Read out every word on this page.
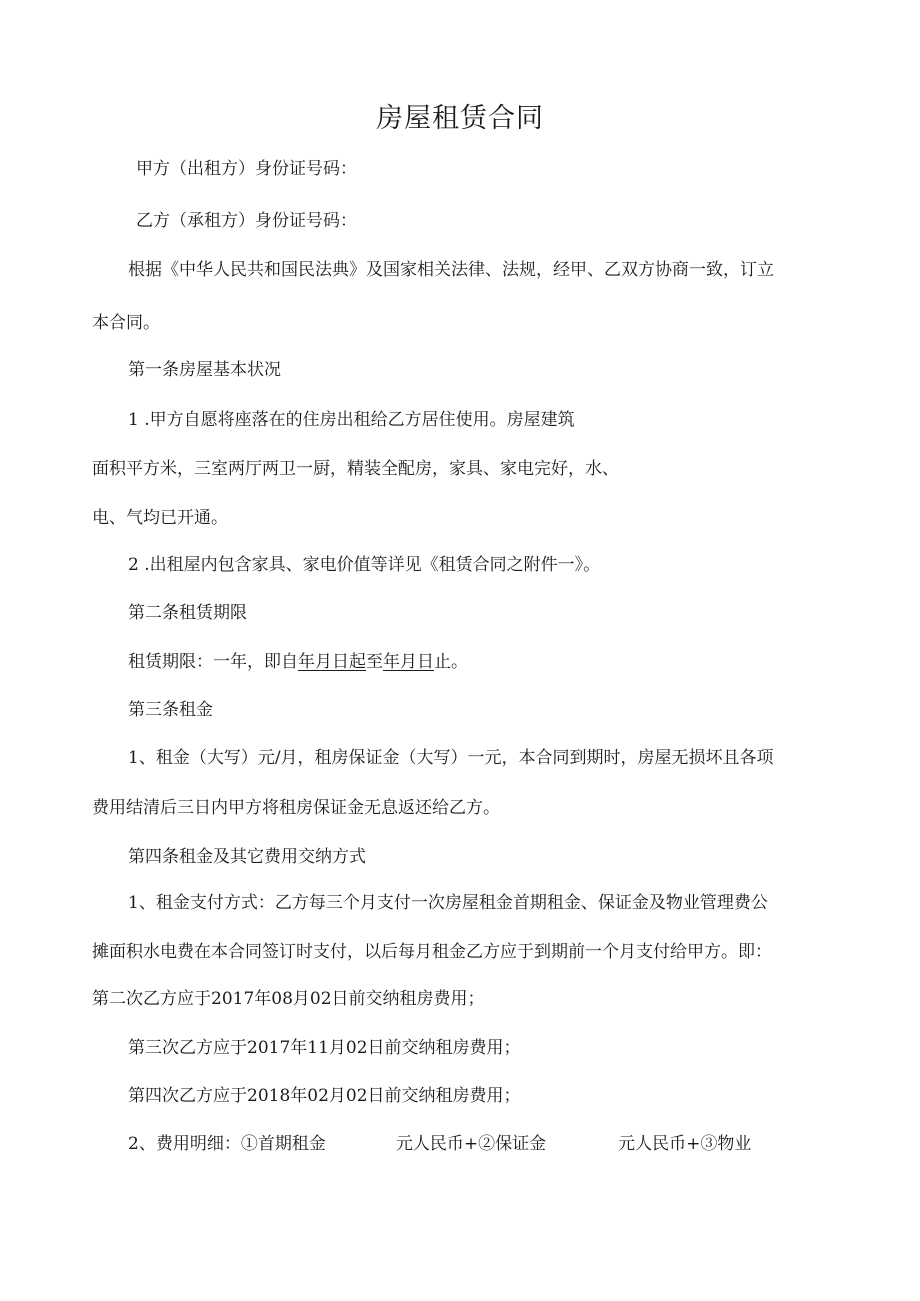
房屋租赁合同

甲方（出租方）身份证号码：

乙方（承租方）身份证号码：

根据《中华人民共和国民法典》及国家相关法律、法规，经甲、乙双方协商一致，订立

本合同。

第一条房屋基本状况

1 .甲方自愿将座落在的住房出租给乙方居住使用。房屋建筑

面积平方米，三室两厅两卫一厨，精装全配房，家具、家电完好，水、

电、气均已开通。

2 .出租屋内包含家具、家电价值等详见《租赁合同之附件一》。

第二条租赁期限

租赁期限：一年，即自年月日起至年月日止。

第三条租金

1、租金（大写）元/月，租房保证金（大写）一元，本合同到期时，房屋无损坏且各项

费用结清后三日内甲方将租房保证金无息返还给乙方。

第四条租金及其它费用交纳方式

1、租金支付方式：乙方每三个月支付一次房屋租金首期租金、保证金及物业管理费公

摊面积水电费在本合同签订时支付，以后每月租金乙方应于到期前一个月支付给甲方。即：

第二次乙方应于2017年08月02日前交纳租房费用；

第三次乙方应于2017年11月02日前交纳租房费用；

第四次乙方应于2018年02月02日前交纳租房费用；

2、费用明细：①首期租金	元人民币+②保证金	元人民币+③物业
